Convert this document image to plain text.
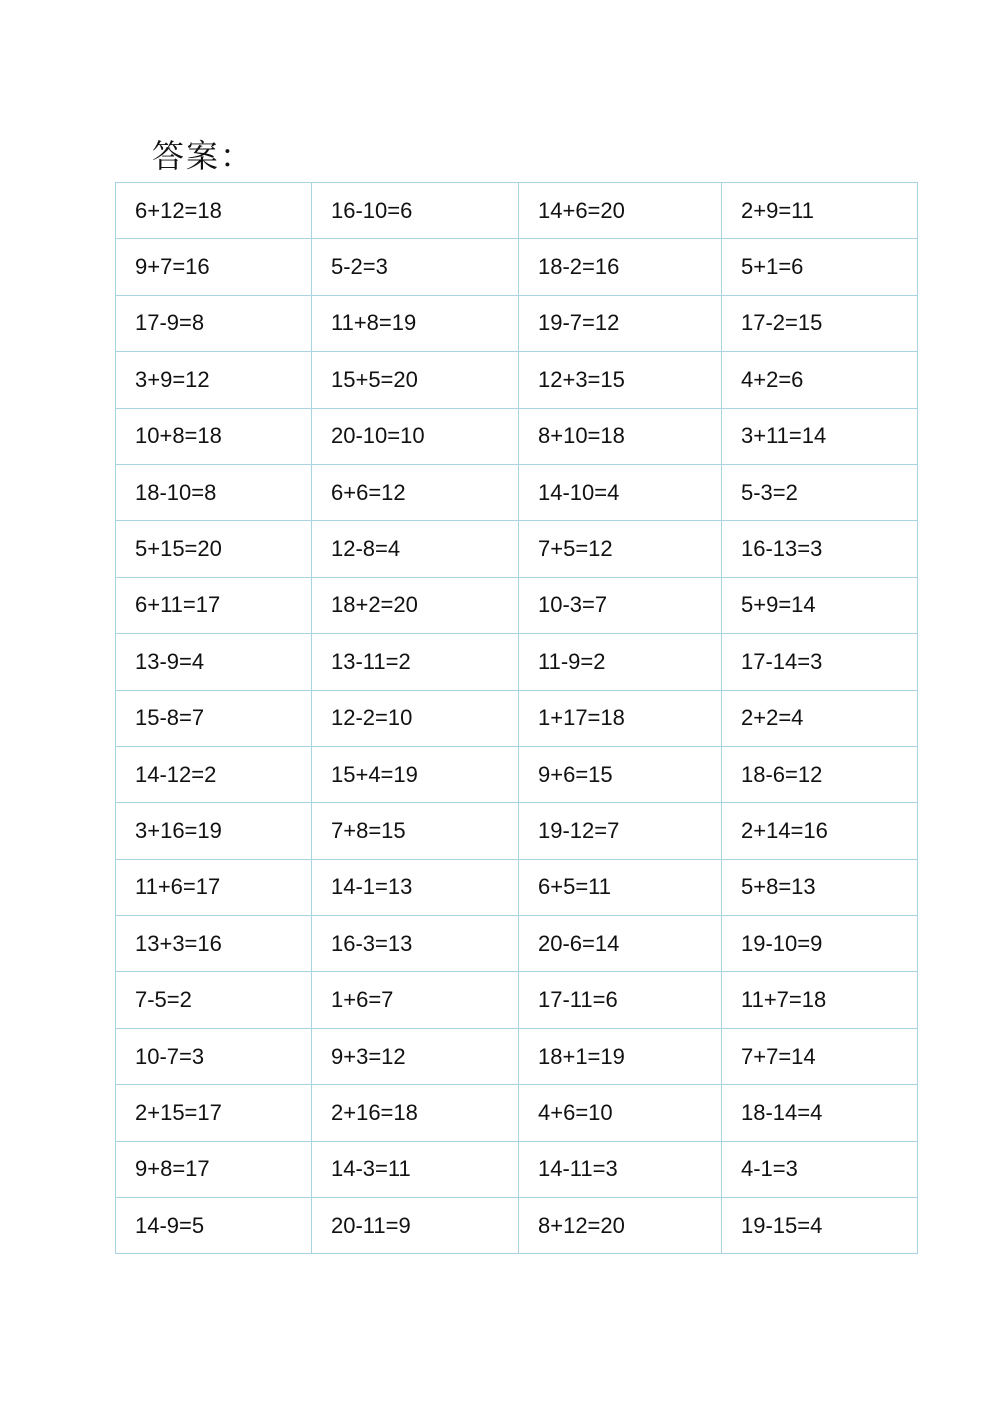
答案：
6+12=18	16-10=6	14+6=20	2+9=11
9+7=16	5-2=3	18-2=16	5+1=6
17-9=8	11+8=19	19-7=12	17-2=15
3+9=12	15+5=20	12+3=15	4+2=6
10+8=18	20-10=10	8+10=18	3+11=14
18-10=8	6+6=12	14-10=4	5-3=2
5+15=20	12-8=4	7+5=12	16-13=3
6+11=17	18+2=20	10-3=7	5+9=14
13-9=4	13-11=2	11-9=2	17-14=3
15-8=7	12-2=10	1+17=18	2+2=4
14-12=2	15+4=19	9+6=15	18-6=12
3+16=19	7+8=15	19-12=7	2+14=16
11+6=17	14-1=13	6+5=11	5+8=13
13+3=16	16-3=13	20-6=14	19-10=9
7-5=2	1+6=7	17-11=6	11+7=18
10-7=3	9+3=12	18+1=19	7+7=14
2+15=17	2+16=18	4+6=10	18-14=4
9+8=17	14-3=11	14-11=3	4-1=3
14-9=5	20-11=9	8+12=20	19-15=4
